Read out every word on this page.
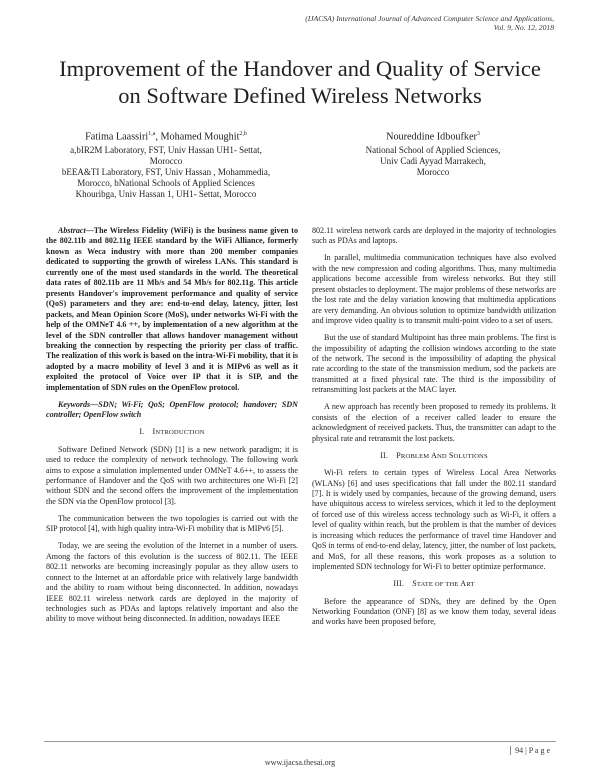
(IJACSA) International Journal of Advanced Computer Science and Applications,
Vol. 9, No. 12, 2018
Improvement of the Handover and Quality of Service
on Software Defined Wireless Networks
Fatima Laassiri$^{1,a}$, Mohamed Moughit$^{2,b}$
a,bIR2M Laboratory, FST, Univ Hassan UH1- Settat,
Morocco
bEEA&TI Laboratory, FST, Univ Hassan , Mohammedia,
Morocco, bNational Schools of Applied Sciences
Khouribga, Univ Hassan 1, UH1- Settat, Morocco
Noureddine Idboufker$^3$
National School of Applied Sciences,
Univ Cadi Ayyad Marrakech,
Morocco

Abstract—The Wireless Fidelity (WiFi) is the business name given to the 802.11b and 802.11g IEEE standard by the WiFi Alliance, formerly known as Weca industry with more than 200 member companies dedicated to supporting the growth of wireless LANs. This standard is currently one of the most used standards in the world. The theoretical data rates of 802.11b are 11 Mb/s and 54 Mb/s for 802.11g. This article presents Handover's improvement performance and quality of service (QoS) parameters and they are: end-to-end delay, latency, jitter, lost packets, and Mean Opinion Score (MoS), under networks Wi-Fi with the help of the OMNeT 4.6 ++, by implementation of a new algorithm at the level of the SDN controller that allows handover management without breaking the connection by respecting the priority per class of traffic. The realization of this work is based on the intra-Wi-Fi mobility, that it is adopted by a macro mobility of level 3 and it is MIPv6 as well as it exploited the protocol of Voice over IP that it is SIP, and the implementation of SDN rules on the OpenFlow protocol.

Keywords—SDN; Wi-Fi; QoS; OpenFlow protocol; handover; SDN controller; OpenFlow switch

I.  INTRODUCTION

Software Defined Network (SDN) [1] is a new network paradigm; it is used to reduce the complexity of network technology. The following work aims to expose a simulation implemented under OMNeT 4.6++, to assess the performance of Handover and the QoS with two architectures one Wi-Fi [2] without SDN and the second offers the improvement of the implementation the SDN via the OpenFlow protocol [3].

The communication between the two topologies is carried out with the SIP protocol [4], with high quality intra-Wi-Fi mobility that is MIPv6 [5].

Today, we are seeing the evolution of the Internet in a number of users. Among the factors of this evolution is the success of 802.11. The IEEE 802.11 networks are becoming increasingly popular as they allow users to connect to the Internet at an affordable price with relatively large bandwidth and the ability to roam without being disconnected. In addition, nowadays IEEE 802.11 wireless network cards are deployed in the majority of technologies such as PDAs and laptops relatively important and also the ability to move without being disconnected. In addition, nowadays IEEE

802.11 wireless network cards are deployed in the majority of technologies such as PDAs and laptops.

In parallel, multimedia communication techniques have also evolved with the new compression and coding algorithms. Thus, many multimedia applications become accessible from wireless networks. But they still present obstacles to deployment. The major problems of these networks are the lost rate and the delay variation knowing that multimedia applications are very demanding. An obvious solution to optimize bandwidth utilization and improve video quality is to transmit multi-point video to a set of users.

But the use of standard Multipoint has three main problems. The first is the impossibility of adapting the collision windows according to the state of the network. The second is the impossibility of adapting the physical rate according to the state of the transmission medium, sod the packets are transmitted at a fixed physical rate. The third is the impossibility of retransmitting lost packets at the MAC layer.

A new approach has recently been proposed to remedy its problems. It consists of the election of a receiver called leader to ensure the acknowledgment of received packets. Thus, the transmitter can adapt to the physical rate and retransmit the lost packets.

II.  PROBLEM AND SOLUTIONS

Wi-Fi refers to certain types of Wireless Local Area Networks (WLANs) [6] and uses specifications that fall under the 802.11 standard [7]. It is widely used by companies, because of the growing demand, users have ubiquitous access to wireless services, which it led to the deployment of forced use of this wireless access technology such as Wi-Fi, it offers a level of quality within reach, but the problem is that the number of devices is increasing which reduces the performance of travel time Handover and QoS in terms of end-to-end delay, latency, jitter, the number of lost packets, and MoS, for all these reasons, this work proposes as a solution to implemented SDN technology for Wi-Fi to better optimize performance.

III.  STATE OF THE ART

Before the appearance of SDNs, they are defined by the Open Networking Foundation (ONF) [8] as we know them today, several ideas and works have been proposed before,

94 | P a g e
www.ijacsa.thesai.org
